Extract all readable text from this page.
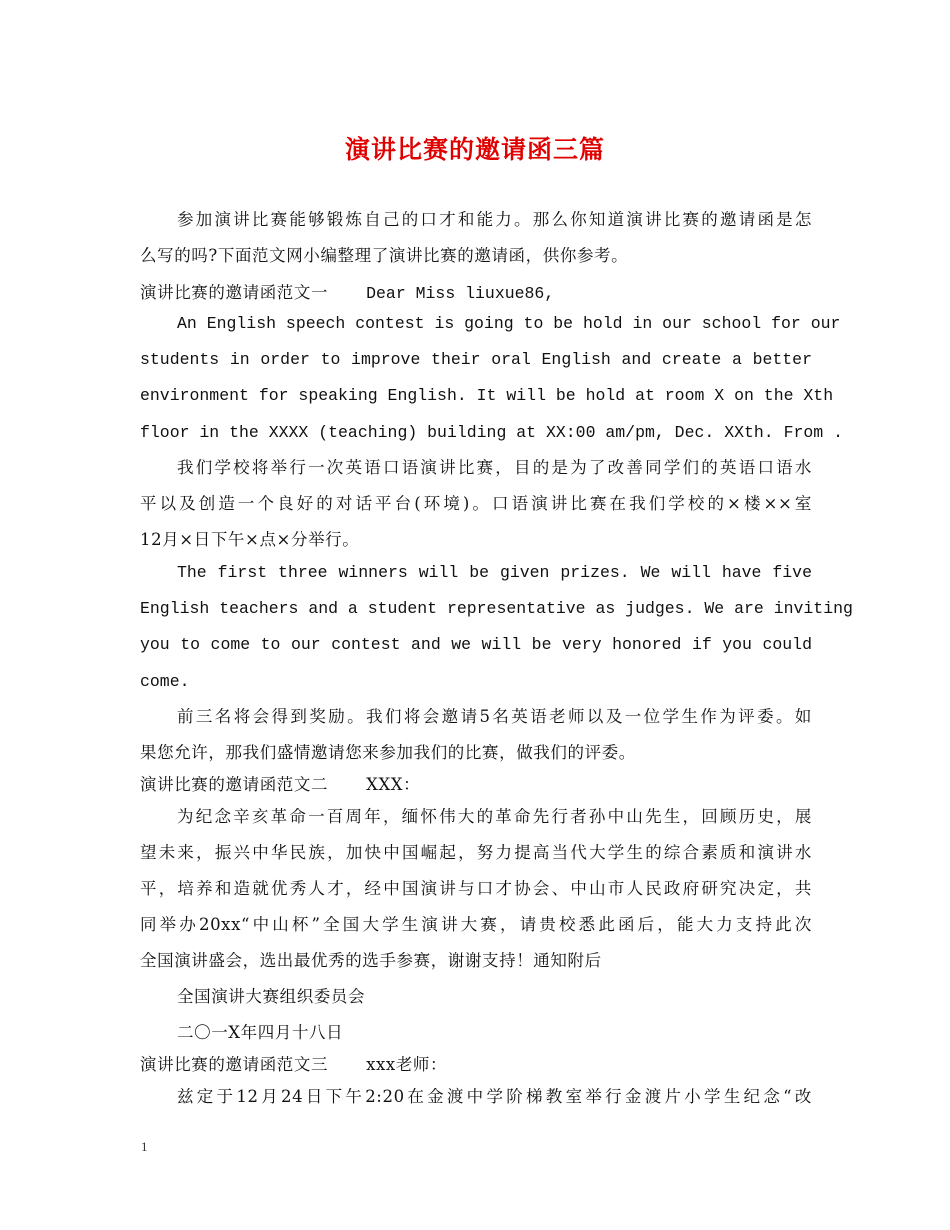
演讲比赛的邀请函三篇
参加演讲比赛能够锻炼自己的口才和能力。那么你知道演讲比赛的邀请函是怎
么写的吗?下面范文网小编整理了演讲比赛的邀请函，供你参考。
演讲比赛的邀请函范文一 Dear Miss liuxue86,
An English speech contest is going to be hold in our school for our
students in order to improve their oral English and create a better
environment for speaking English. It will be hold at room X on the Xth
floor in the XXXX (teaching) building at XX:00 am/pm, Dec. XXth. From .
我们学校将举行一次英语口语演讲比赛，目的是为了改善同学们的英语口语水
平以及创造一个良好的对话平台(环境)。口语演讲比赛在我们学校的×楼××室
12月×日下午×点×分举行。
The first three winners will be given prizes. We will have five
English teachers and a student representative as judges. We are inviting
you to come to our contest and we will be very honored if you could
come.
前三名将会得到奖励。我们将会邀请5名英语老师以及一位学生作为评委。如
果您允许，那我们盛情邀请您来参加我们的比赛，做我们的评委。
演讲比赛的邀请函范文二 XXX：
为纪念辛亥革命一百周年，缅怀伟大的革命先行者孙中山先生，回顾历史，展
望未来，振兴中华民族，加快中国崛起，努力提高当代大学生的综合素质和演讲水
平，培养和造就优秀人才，经中国演讲与口才协会、中山市人民政府研究决定，共
同举办20xx“中山杯”全国大学生演讲大赛，请贵校悉此函后，能大力支持此次
全国演讲盛会，选出最优秀的选手参赛，谢谢支持！通知附后
全国演讲大赛组织委员会
二〇一X年四月十八日
演讲比赛的邀请函范文三 xxx老师：
兹定于12月24日下午2:20在金渡中学阶梯教室举行金渡片小学生纪念“改
1
